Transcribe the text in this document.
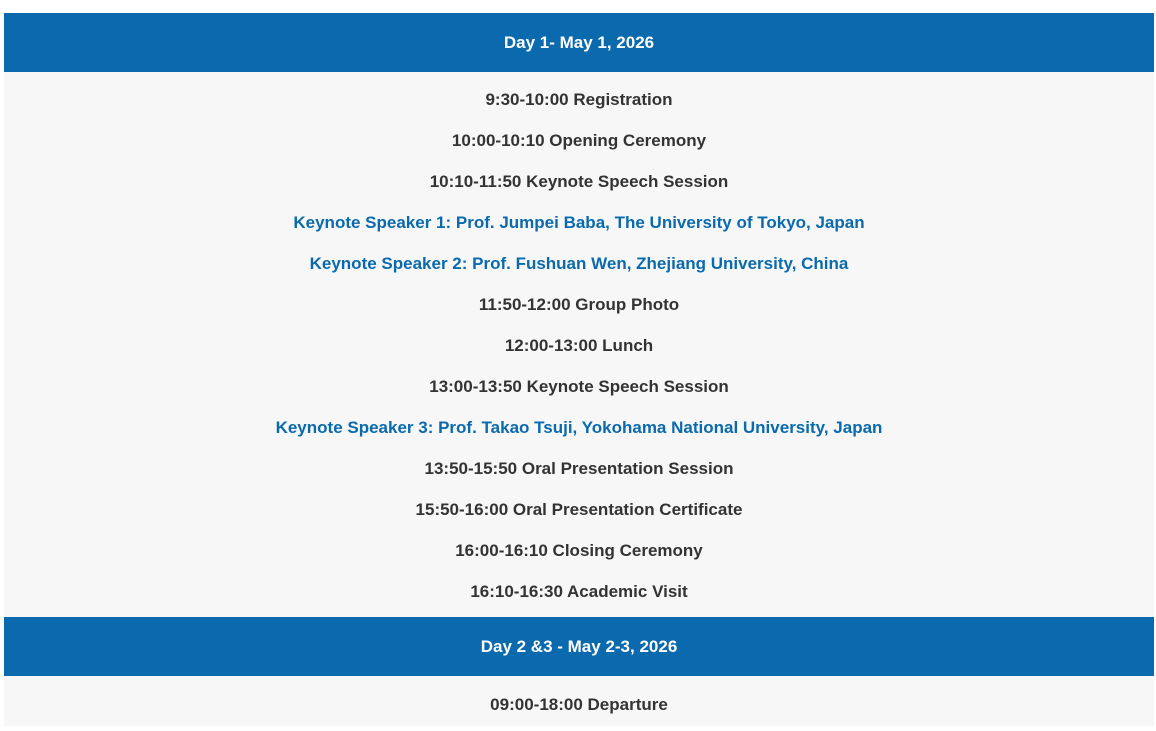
Day 1- May 1, 2026
9:30-10:00 Registration
10:00-10:10 Opening Ceremony
10:10-11:50 Keynote Speech Session
Keynote Speaker 1: Prof. Jumpei Baba, The University of Tokyo, Japan
Keynote Speaker 2: Prof. Fushuan Wen, Zhejiang University, China
11:50-12:00 Group Photo
12:00-13:00 Lunch
13:00-13:50 Keynote Speech Session
Keynote Speaker 3: Prof. Takao Tsuji, Yokohama National University, Japan
13:50-15:50 Oral Presentation Session
15:50-16:00 Oral Presentation Certificate
16:00-16:10 Closing Ceremony
16:10-16:30 Academic Visit
Day 2 &3 - May 2-3, 2026
09:00-18:00 Departure
